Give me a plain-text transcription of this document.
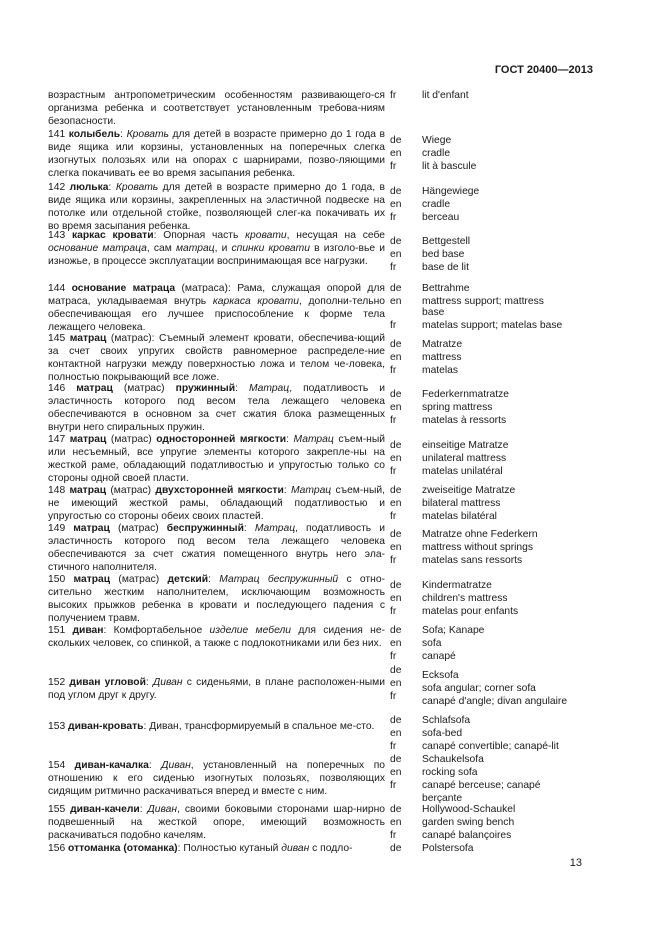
ГОСТ 20400—2013
возрастным антропометрическим особенностям развивающего-ся организма ребенка и соответствует установленным требова-ниям безопасности.
fr lit d'enfant
141 колыбель: Кровать для детей в возрасте примерно до 1 года в виде ящика или корзины, установленных на поперечных слегка изогнутых полозьях или на опорах с шарнирами, позво-ляющими слегка покачивать ее во время засыпания ребенка.
de
en
fr
Wiege
cradle
lit à bascule
142 люлька: Кровать для детей в возрасте примерно до 1 года, в виде ящика или корзины, закрепленных на эластичной подвеске на потолке или отдельной стойке, позволяющей слег-ка покачивать их во время засыпания ребенка.
de
en
fr
Hängewiege
cradle
berceau
143 каркас кровати: Опорная часть кровати, несущая на себе основание матраца, сам матрац, и спинки кровати в изголо-вье и изножье, в процессе эксплуатации воспринимающая все нагрузки.
de
en
fr
Bettgestell
bed base
base de lit
144 основание матраца (матраса): Рама, служащая опорой для матраса, укладываемая внутрь каркаса кровати, дополни-тельно обеспечивающая его лучшее приспособление к форме тела лежащего человека.
de
en
fr
Bettrahme
mattress support; mattress
base
matelas support; matelas base
145 матрац (матрас): Съемный элемент кровати, обеспечива-ющий за счет своих упругих свойств равномерное распределе-ние контактной нагрузки между поверхностью ложа и телом че-ловека, полностью покрывающий все ложе.
de
en
fr
Matratze
mattress
matelas
146 матрац (матрас) пружинный: Матрац, податливость и эластичность которого под весом тела лежащего человека обеспечиваются в основном за счет сжатия блока размещенных внутри него спиральных пружин.
de
en
fr
Federkernmatratze
spring mattress
matelas à ressorts
147 матрац (матрас) односторонней мягкости: Матрац съем-ный или несъемный, все упругие элементы которого закрепле-ны на жесткой раме, обладающий податливостью и упругостью только со стороны одной своей пласти.
de
en
fr
einseitige Matratze
unilateral mattress
matelas unilatéral
148 матрац (матрас) двухсторонней мягкости: Матрац съем-ный, не имеющий жесткой рамы, обладающий податливостью и упругостью со стороны обеих своих пластей.
de
en
fr
zweiseitige Matratze
bilateral mattress
matelas bilatéral
149 матрац (матрас) беспружинный: Матрац, податливость и эластичность которого под весом тела лежащего человека обеспечиваются за счет сжатия помещенного внутрь него эла-стичного наполнителя.
de
en
fr
Matratze ohne Federkern
mattress without springs
matelas sans ressorts
150 матрац (матрас) детский: Матрац беспружинный с отно-сительно жестким наполнителем, исключающим возможность высоких прыжков ребенка в кровати и последующего падения с получением травм.
de
en
fr
Kindermatratze
children's mattress
matelas pour enfants
151 диван: Комфортабельное изделие мебели для сидения не-скольких человек, со спинкой, а также с подлокотниками или без них.
de
en
fr
Sofa; Kanape
sofa
canapé
152 диван угловой: Диван с сиденьями, в плане расположен-ными под углом друг к другу.
de
en
fr
Ecksofa
sofa angular; corner sofa
canapé d'angle; divan angulaire
153 диван-кровать: Диван, трансформируемый в спальное ме-сто.
de
en
fr
Schlafsofa
sofa-bed
canapé convertible; canapé-lit
154 диван-качалка: Диван, установленный на поперечных по отношению к его сиденью изогнутых полозьях, позволяющих сидящим ритмично раскачиваться вперед и вместе с ним.
de
en
fr
Schaukelsofa
rocking sofa
canapé berceuse; canapé
berçante
155 диван-качели: Диван, своими боковыми сторонами шар-нирно подвешенный на жесткой опоре, имеющий возможность раскачиваться подобно качелям.
de
en
fr
Hollywood-Schaukel
garden swing bench
canapé balançoires
156 оттоманка (отоманка): Полностью кутаный диван с подло-	de Polstersofa
13
